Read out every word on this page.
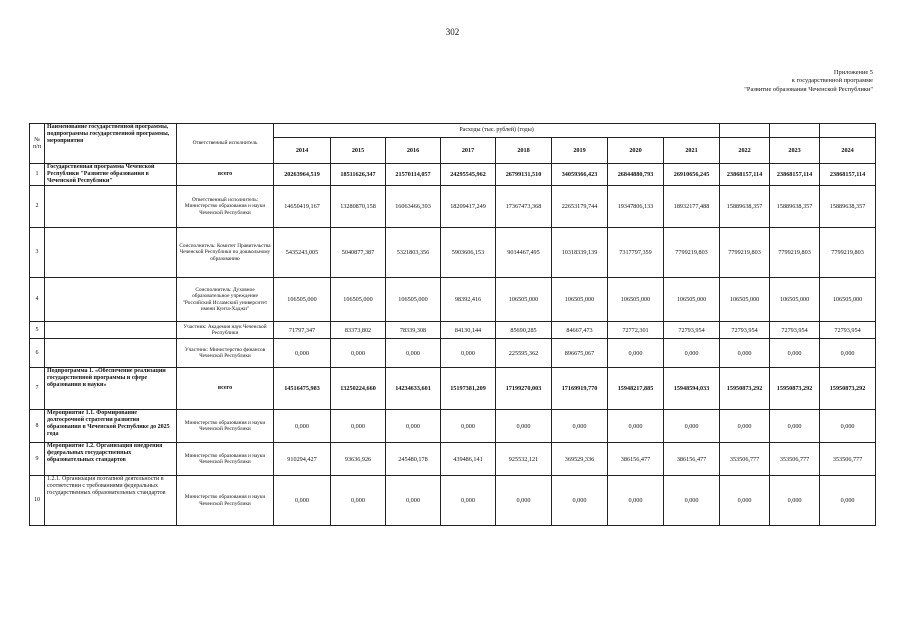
302
Приложение 5
к государственной программе
"Развитие образования Чеченской Республики"
№ п/п	Наименование государственной программы, подпрограммы государственной программы, мероприятия	Ответственный исполнитель	Расходы (тыс. рублей) (годы)										
			2014	2015	2016	2017	2018	2019	2020	2021	2022	2023	2024
1	Государственная программа Чеченской Республики "Развитие образования в Чеченской Республики"	всего	20263964,519	18511626,347	21570114,057	24295545,962	26799131,510	34059366,423	26844880,793	26910656,245	23868157,114	23868157,114	23868157,114
2		Ответственный исполнитель: Министерство образования и науки Чеченской Республики	14650419,167	13280870,158	16063466,393	18209417,249	17367473,368	22653179,744	19347806,133	18932177,488	15889638,357	15889638,357	15889638,357
3		Соисполнитель: Комитет Правительства Чеченской Республики по дошкольному образованию	5435243,005	5040877,387	5321803,356	5903606,153	9014467,495	10318339,139	7317797,359	7799219,803	7799219,803	7799219,803	7799219,803
4		Соисполнитель: Духовное образовательное учреждение "Российский Исламский университет имени Кунта-Хаджи"	106505,000	106505,000	106505,000	98392,416	106505,000	106505,000	106505,000	106505,000	106505,000	106505,000	106505,000
5		Участник: Академия наук Чеченской Республики	71797,347	83373,802	78339,308	84130,144	85690,285	84667,473	72772,301	72793,954	72793,954	72793,954	72793,954
6		Участник: Министерство финансов Чеченской Республики	0,000	0,000	0,000	0,000	225595,362	896675,067	0,000	0,000	0,000	0,000	0,000
7	Подпрограмма 1. «Обеспечение реализации государственной программы и сфере образования и науки»	всего	14516475,983	13250224,660	14234633,601	15197381,209	17199270,003	17169919,770	15948217,885	15948594,033	15950873,292	15950873,292	15950873,292
8	Мероприятие 1.1. Формирование долгосрочной стратегии развития образования в Чеченской Республике до 2025 года	Министерство образования и науки Чеченской Республики	0,000	0,000	0,000	0,000	0,000	0,000	0,000	0,000	0,000	0,000	0,000
9	Мероприятие 1.2. Организация внедрения федеральных государственных образовательных стандартов	Министерство образования и науки Чеченской Республики	910294,427	93636,926	245480,178	439486,141	925532,121	369529,336	386156,477	386156,477	353506,777	353506,777	353506,777
10	1.2.1. Организация поэтапной деятельности в соответствии с требованиями федеральных государственных образовательных стандартов	Министерство образования и науки Чеченской Республики	0,000	0,000	0,000	0,000	0,000	0,000	0,000	0,000	0,000	0,000	0,000
